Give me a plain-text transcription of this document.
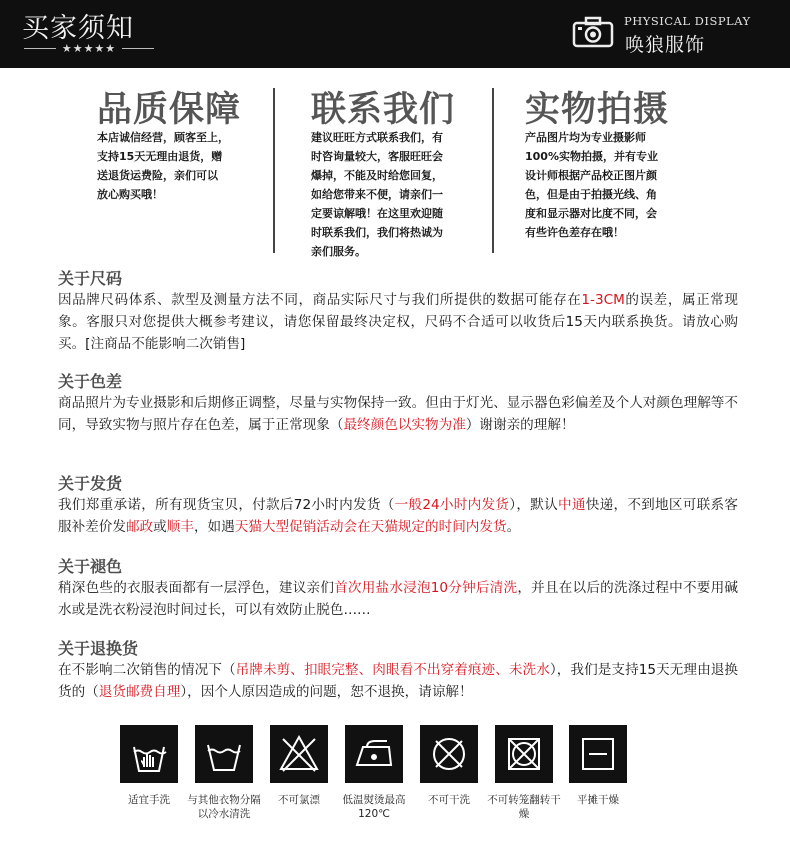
买家须知
★★★★★
PHYSICAL DISPLAY
唤狼服饰
品质保障
本店诚信经营，顾客至上，
支持15天无理由退货，赠
送退货运费险，亲们可以
放心购买哦！
联系我们
建议旺旺方式联系我们，有
时咨询量较大，客服旺旺会
爆掉，不能及时给您回复，
如给您带来不便，请亲们一
定要谅解哦！在这里欢迎随
时联系我们，我们将热诚为
亲们服务。
实物拍摄
产品图片均为专业摄影师
100%实物拍摄，并有专业
设计师根据产品校正图片颜
色，但是由于拍摄光线、角
度和显示器对比度不同，会
有些许色差存在哦！
关于尺码
因品牌尺码体系、款型及测量方法不同，商品实际尺寸与我们所提供的数据可能存在1-3CM的误差，属正常现象。客服只对您提供大概参考建议，请您保留最终决定权，尺码不合适可以收货后15天内联系换货。请放心购买。[注商品不能影响二次销售]
关于色差
商品照片为专业摄影和后期修正调整，尽量与实物保持一致。但由于灯光、显示器色彩偏差及个人对颜色理解等不同，导致实物与照片存在色差，属于正常现象（最终颜色以实物为准）谢谢亲的理解！
关于发货
我们郑重承诺，所有现货宝贝，付款后72小时内发货（一般24小时内发货），默认中通快递，不到地区可联系客服补差价发邮政或顺丰，如遇天猫大型促销活动会在天猫规定的时间内发货。
关于褪色
稍深色些的衣服表面都有一层浮色，建议亲们首次用盐水浸泡10分钟后清洗，并且在以后的洗涤过程中不要用碱水或是洗衣粉浸泡时间过长，可以有效防止脱色……
关于退换货
在不影响二次销售的情况下（吊牌未剪、扣眼完整、肉眼看不出穿着痕迹、未洗水），我们是支持15天无理由退换货的（退货邮费自理），因个人原因造成的问题，恕不退换，请谅解！
适宜手洗	与其他衣物分隔以冷水清洗
不可氯漂	低温熨烫最高120℃
不可干洗	不可转笼翻转干燥
平摊干燥
